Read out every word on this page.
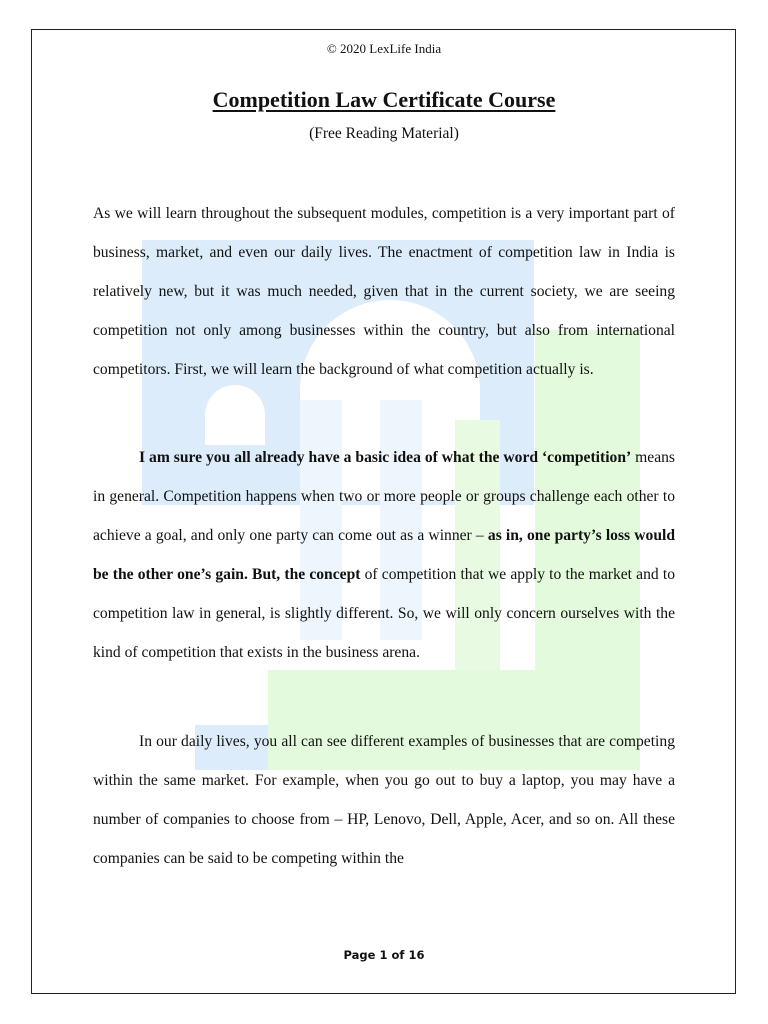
© 2020 LexLife India
Competition Law Certificate Course
(Free Reading Material)

As we will learn throughout the subsequent modules, competition is a very important part of business, market, and even our daily lives. The enactment of competition law in India is relatively new, but it was much needed, given that in the current society, we are seeing competition not only among businesses within the country, but also from international competitors. First, we will learn the background of what competition actually is.

I am sure you all already have a basic idea of what the word ‘competition’ means in general. Competition happens when two or more people or groups challenge each other to achieve a goal, and only one party can come out as a winner – as in, one party’s loss would be the other one’s gain. But, the concept of competition that we apply to the market and to competition law in general, is slightly different. So, we will only concern ourselves with the kind of competition that exists in the business arena.

In our daily lives, you all can see different examples of businesses that are competing within the same market. For example, when you go out to buy a laptop, you may have a number of companies to choose from – HP, Lenovo, Dell, Apple, Acer, and so on. All these companies can be said to be competing within the

Page 1 of 16
